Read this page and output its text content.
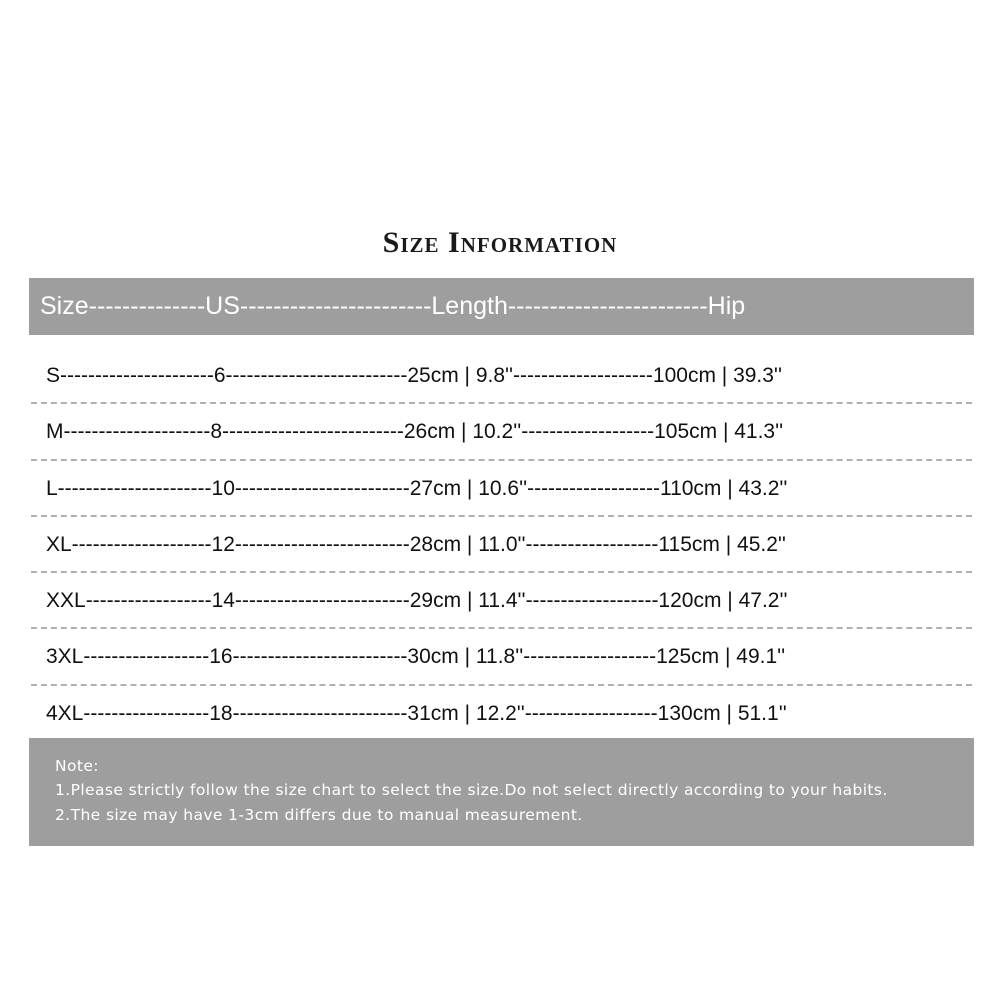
Size Information
Size--------------US-----------------------Length------------------------Hip
S----------------------6--------------------------25cm | 9.8''--------------------100cm | 39.3''
M---------------------8--------------------------26cm | 10.2''-------------------105cm | 41.3''
L----------------------10-------------------------27cm | 10.6''-------------------110cm | 43.2''
XL--------------------12-------------------------28cm | 11.0''-------------------115cm | 45.2''
XXL------------------14-------------------------29cm | 11.4''-------------------120cm | 47.2''
3XL------------------16-------------------------30cm | 11.8''-------------------125cm | 49.1''
4XL------------------18-------------------------31cm | 12.2''-------------------130cm | 51.1''
Note:
1.Please strictly follow the size chart to select the size.Do not select directly according to your habits.
2.The size may have 1-3cm differs due to manual measurement.
